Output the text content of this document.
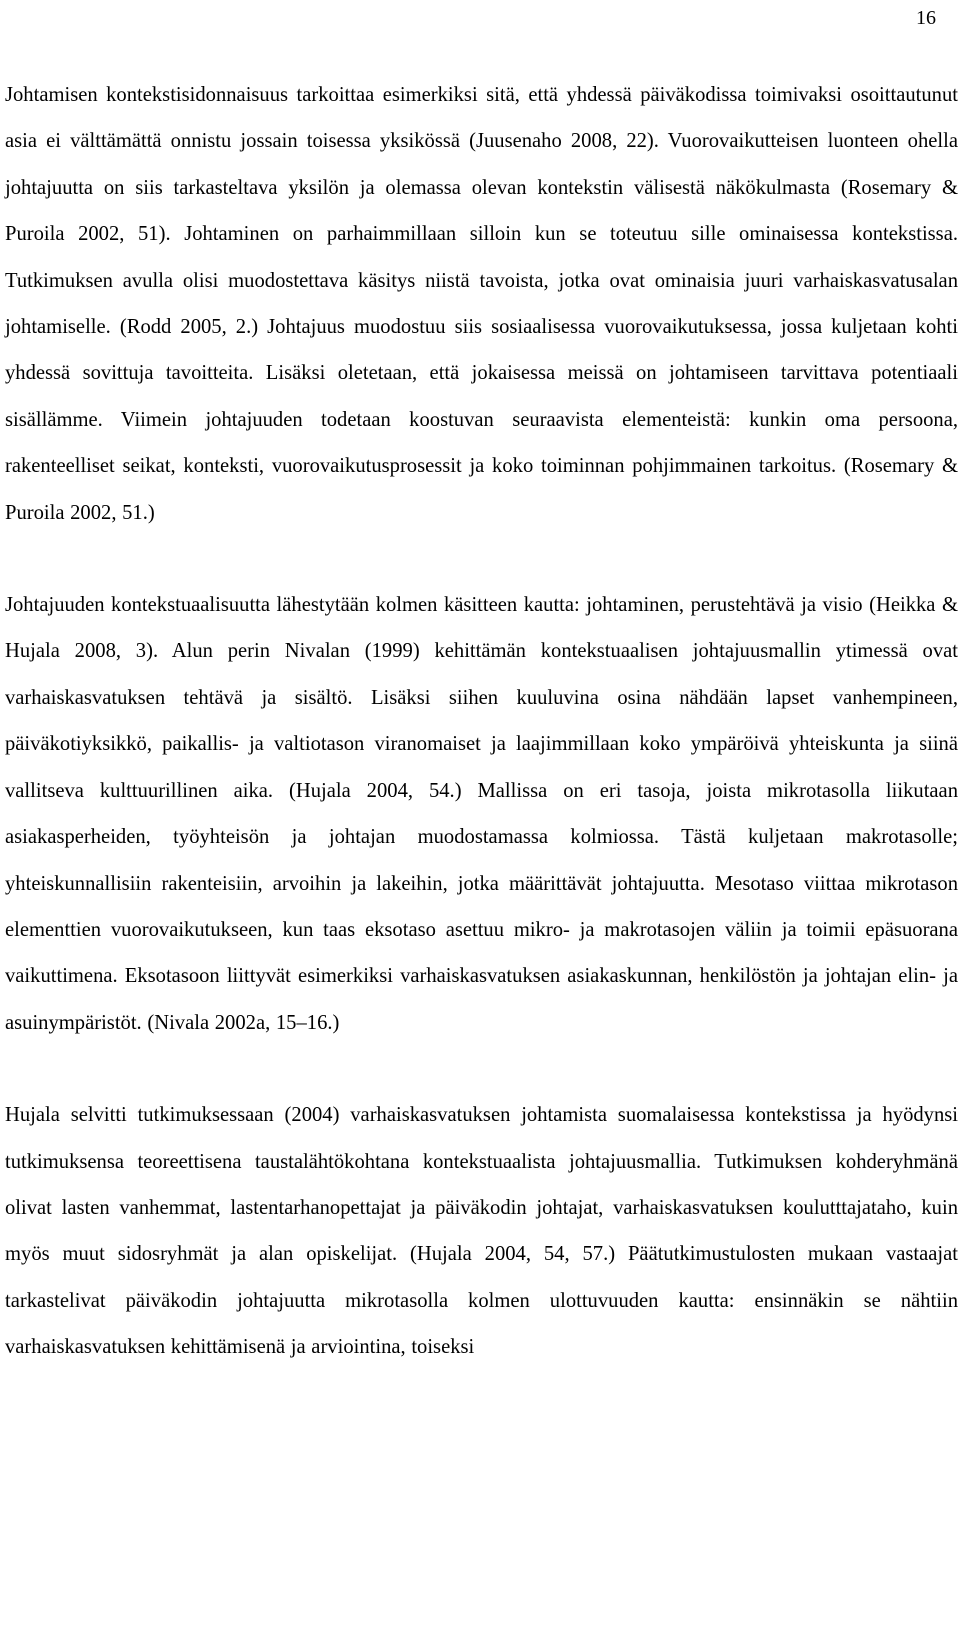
16

Johtamisen kontekstisidonnaisuus tarkoittaa esimerkiksi sitä, että yhdessä päiväkodissa toimivaksi osoittautunut asia ei välttämättä onnistu jossain toisessa yksikössä (Juusenaho 2008, 22). Vuorovaikutteisen luonteen ohella johtajuutta on siis tarkasteltava yksilön ja olemassa olevan kontekstin välisestä näkökulmasta (Rosemary & Puroila 2002, 51). Johtaminen on parhaimmillaan silloin kun se toteutuu sille ominaisessa kontekstissa. Tutkimuksen avulla olisi muodostettava käsitys niistä tavoista, jotka ovat ominaisia juuri varhaiskasvatusalan johtamiselle. (Rodd 2005, 2.) Johtajuus muodostuu siis sosiaalisessa vuorovaikutuksessa, jossa kuljetaan kohti yhdessä sovittuja tavoitteita. Lisäksi oletetaan, että jokaisessa meissä on johtamiseen tarvittava potentiaali sisällämme. Viimein johtajuuden todetaan koostuvan seuraavista elementeistä: kunkin oma persoona, rakenteelliset seikat, konteksti, vuorovaikutusprosessit ja koko toiminnan pohjimmainen tarkoitus. (Rosemary & Puroila 2002, 51.)

Johtajuuden kontekstuaalisuutta lähestytään kolmen käsitteen kautta: johtaminen, perustehtävä ja visio (Heikka & Hujala 2008, 3). Alun perin Nivalan (1999) kehittämän kontekstuaalisen johtajuusmallin ytimessä ovat varhaiskasvatuksen tehtävä ja sisältö. Lisäksi siihen kuuluvina osina nähdään lapset vanhempineen, päiväkotiyksikkö, paikallis- ja valtiotason viranomaiset ja laajimmillaan koko ympäröivä yhteiskunta ja siinä vallitseva kulttuurillinen aika. (Hujala 2004, 54.) Mallissa on eri tasoja, joista mikrotasolla liikutaan asiakasperheiden, työyhteisön ja johtajan muodostamassa kolmiossa. Tästä kuljetaan makrotasolle; yhteiskunnallisiin rakenteisiin, arvoihin ja lakeihin, jotka määrittävät johtajuutta. Mesotaso viittaa mikrotason elementtien vuorovaikutukseen, kun taas eksotaso asettuu mikro- ja makrotasojen väliin ja toimii epäsuorana vaikuttimena. Eksotasoon liittyvät esimerkiksi varhaiskasvatuksen asiakaskunnan, henkilöstön ja johtajan elin- ja asuinympäristöt. (Nivala 2002a, 15–16.)

Hujala selvitti tutkimuksessaan (2004) varhaiskasvatuksen johtamista suomalaisessa kontekstissa ja hyödynsi tutkimuksensa teoreettisena taustalähtökohtana kontekstuaalista johtajuusmallia. Tutkimuksen kohderyhmänä olivat lasten vanhemmat, lastentarhanopettajat ja päiväkodin johtajat, varhaiskasvatuksen koulutttajataho, kuin myös muut sidosryhmät ja alan opiskelijat. (Hujala 2004, 54, 57.) Päätutkimustulosten mukaan vastaajat tarkastelivat päiväkodin johtajuutta mikrotasolla kolmen ulottuvuuden kautta: ensinnäkin se nähtiin varhaiskasvatuksen kehittämisenä ja arviointina, toiseksi
